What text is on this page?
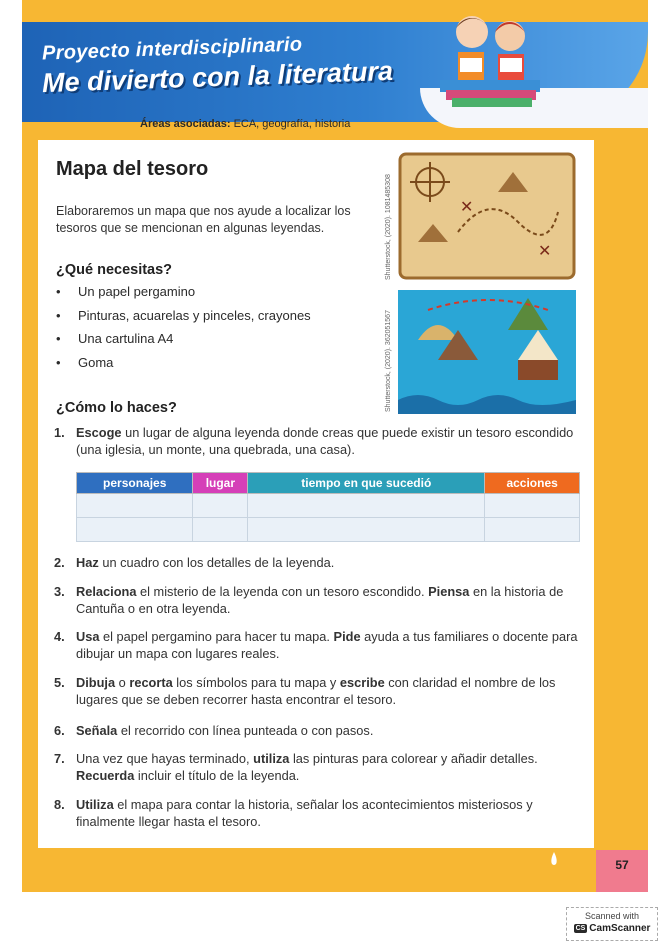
Proyecto interdisciplinario
Me divierto con la literatura
Áreas asociadas: ECA, geografía, historia
Mapa del tesoro
Elaboraremos un mapa que nos ayude a localizar los tesoros que se mencionan en algunas leyendas.
¿Qué necesitas?
• Un papel pergamino
• Pinturas, acuarelas y pinceles, crayones
• Una cartulina A4
• Goma
¿Cómo lo haces?
Shutterstock, (2020). 1081485308
Shutterstock, (2020). 362051567
✕
✕
1. Escoge un lugar de alguna leyenda donde creas que puede existir un tesoro escondido (una iglesia, un monte, una quebrada, una casa).
personajes	lugar	tiempo en que sucedió	acciones

2. Haz un cuadro con los detalles de la leyenda.
3. Relaciona el misterio de la leyenda con un tesoro escondido. Piensa en la historia de Cantuña o en otra leyenda.
4. Usa el papel pergamino para hacer tu mapa. Pide ayuda a tus familiares o docente para dibujar un mapa con lugares reales.
5. Dibuja o recorta los símbolos para tu mapa y escribe con claridad el nombre de los lugares que se deben recorrer hasta encontrar el tesoro.
6. Señala el recorrido con línea punteada o con pasos.
7. Una vez que hayas terminado, utiliza las pinturas para colorear y añadir detalles. Recuerda incluir el título de la leyenda.
8. Utiliza el mapa para contar la historia, señalar los acontecimientos misteriosos y finalmente llegar hasta el tesoro.
57
Scanned with
CS CamScanner
